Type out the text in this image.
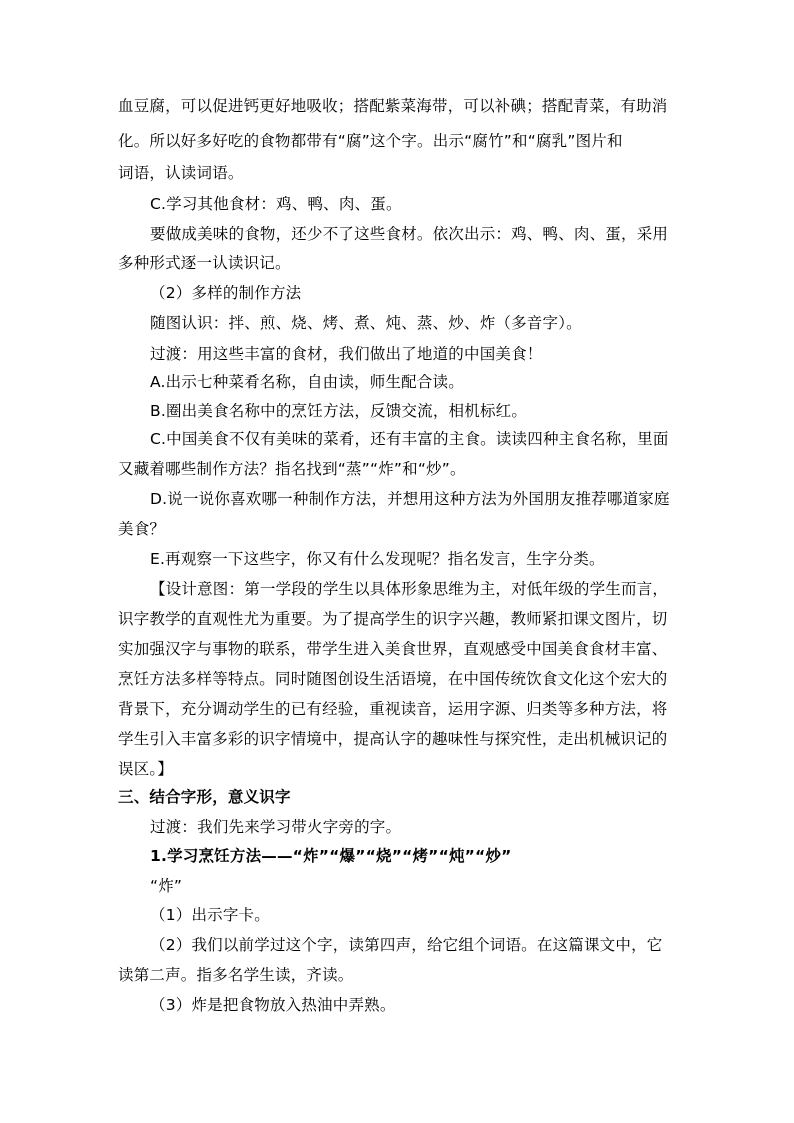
血豆腐，可以促进钙更好地吸收；搭配紫菜海带，可以补碘；搭配青菜，有助消
化。所以好多好吃的食物都带有“腐”这个字。出示“腐竹”和“腐乳”图片和
词语，认读词语。
C.学习其他食材：鸡、鸭、肉、蛋。
要做成美味的食物，还少不了这些食材。依次出示：鸡、鸭、肉、蛋，采用
多种形式逐一认读识记。
（2）多样的制作方法
随图认识：拌、煎、烧、烤、煮、炖、蒸、炒、炸（多音字）。
过渡：用这些丰富的食材，我们做出了地道的中国美食！
A.出示七种菜肴名称，自由读，师生配合读。
B.圈出美食名称中的烹饪方法，反馈交流，相机标红。
C.中国美食不仅有美味的菜肴，还有丰富的主食。读读四种主食名称，里面
又藏着哪些制作方法？指名找到“蒸”“炸”和“炒”。
D.说一说你喜欢哪一种制作方法，并想用这种方法为外国朋友推荐哪道家庭
美食？
E.再观察一下这些字，你又有什么发现呢？指名发言，生字分类。
【设计意图：第一学段的学生以具体形象思维为主，对低年级的学生而言，
识字教学的直观性尤为重要。为了提高学生的识字兴趣，教师紧扣课文图片，切
实加强汉字与事物的联系，带学生进入美食世界，直观感受中国美食食材丰富、
烹饪方法多样等特点。同时随图创设生活语境，在中国传统饮食文化这个宏大的
背景下，充分调动学生的已有经验，重视读音，运用字源、归类等多种方法，将
学生引入丰富多彩的识字情境中，提高认字的趣味性与探究性，走出机械识记的
误区。】
三、结合字形，意义识字
过渡：我们先来学习带火字旁的字。
1.学习烹饪方法——“炸”“爆”“烧”“烤”“炖”“炒”
“炸”
（1）出示字卡。
（2）我们以前学过这个字，读第四声，给它组个词语。在这篇课文中，它
读第二声。指多名学生读，齐读。
（3）炸是把食物放入热油中弄熟。
